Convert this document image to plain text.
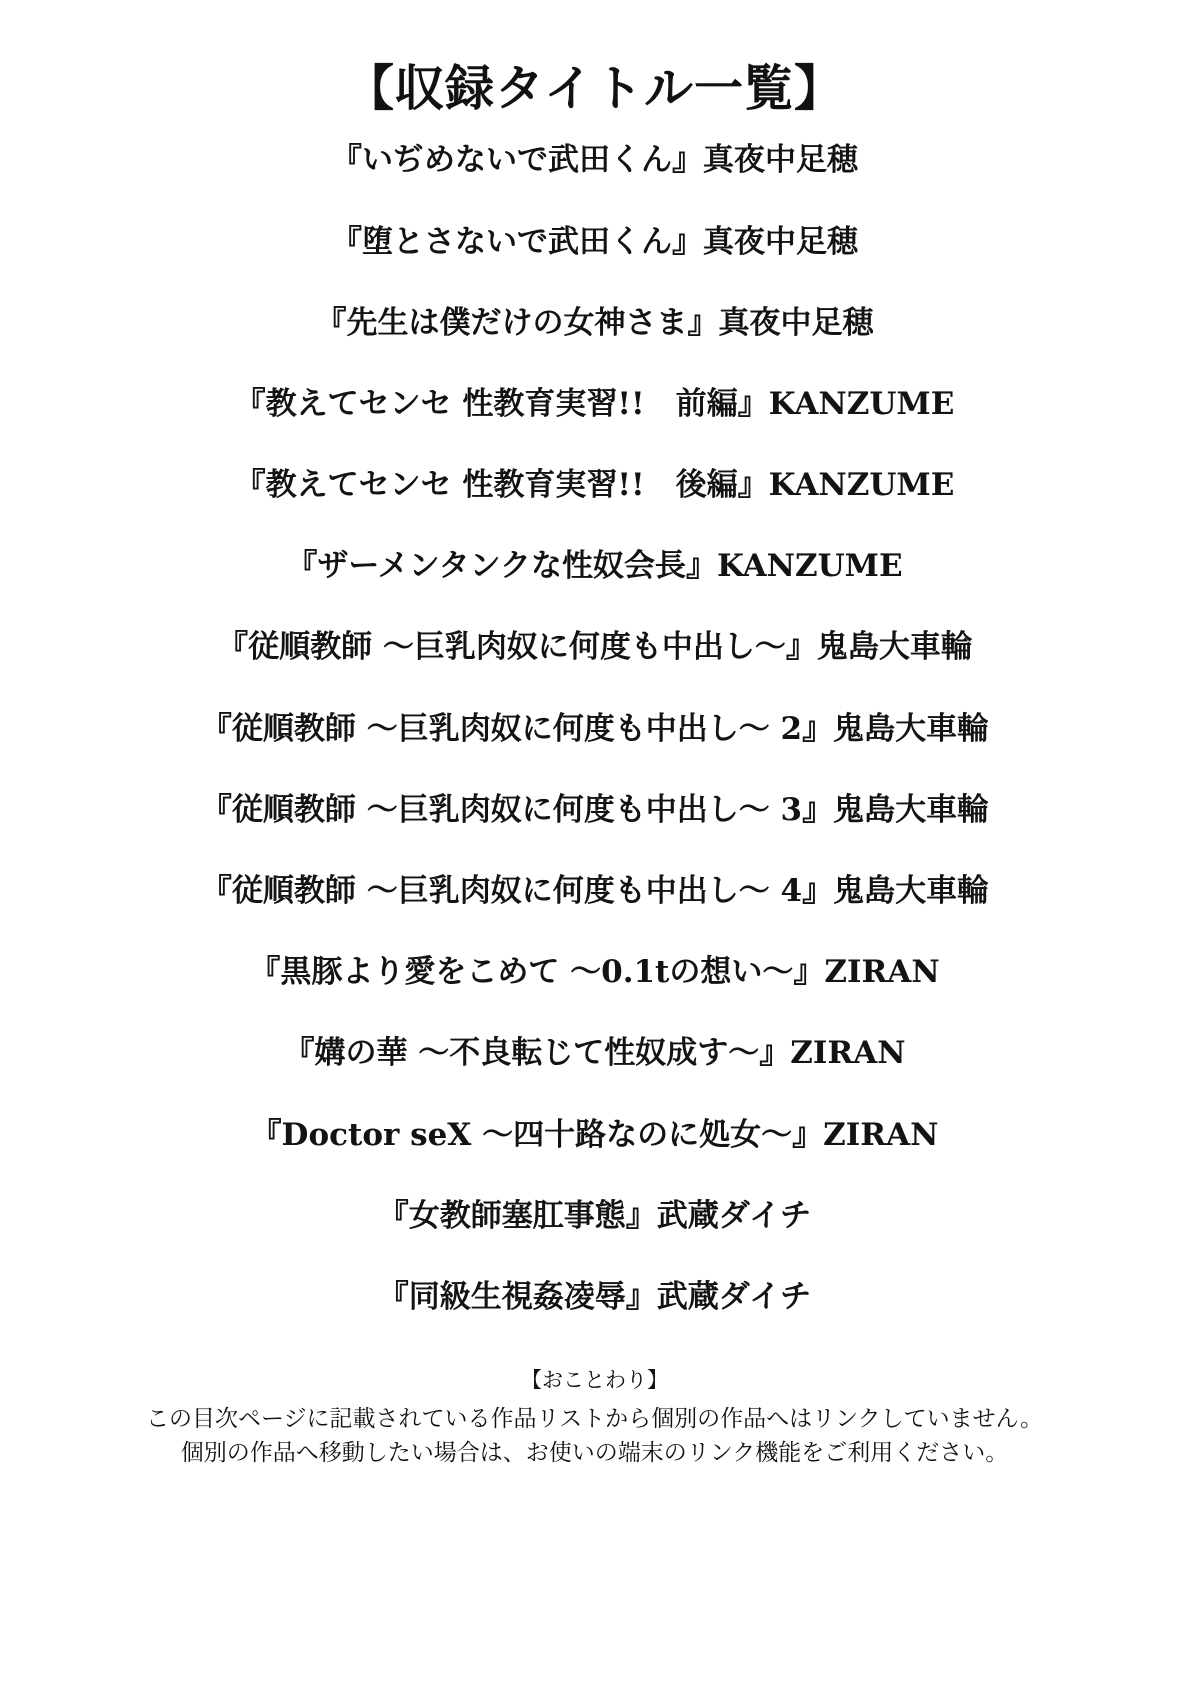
【収録タイトル一覧】
『いぢめないで武田くん』真夜中足穂
『堕とさないで武田くん』真夜中足穂
『先生は僕だけの女神さま』真夜中足穂
『教えてセンセ 性教育実習!!　前編』KANZUME
『教えてセンセ 性教育実習!!　後編』KANZUME
『ザーメンタンクな性奴会長』KANZUME
『従順教師 ～巨乳肉奴に何度も中出し～』鬼島大車輪
『従順教師 ～巨乳肉奴に何度も中出し～ 2』鬼島大車輪
『従順教師 ～巨乳肉奴に何度も中出し～ 3』鬼島大車輪
『従順教師 ～巨乳肉奴に何度も中出し～ 4』鬼島大車輪
『黒豚より愛をこめて ～0.1tの想い～』ZIRAN
『媾の華 ～不良転じて性奴成す～』ZIRAN
『Doctor seX ～四十路なのに処女～』ZIRAN
『女教師塞肛事態』武蔵ダイチ
『同級生視姦凌辱』武蔵ダイチ
【おことわり】
この目次ページに記載されている作品リストから個別の作品へはリンクしていません。
個別の作品へ移動したい場合は、お使いの端末のリンク機能をご利用ください。
